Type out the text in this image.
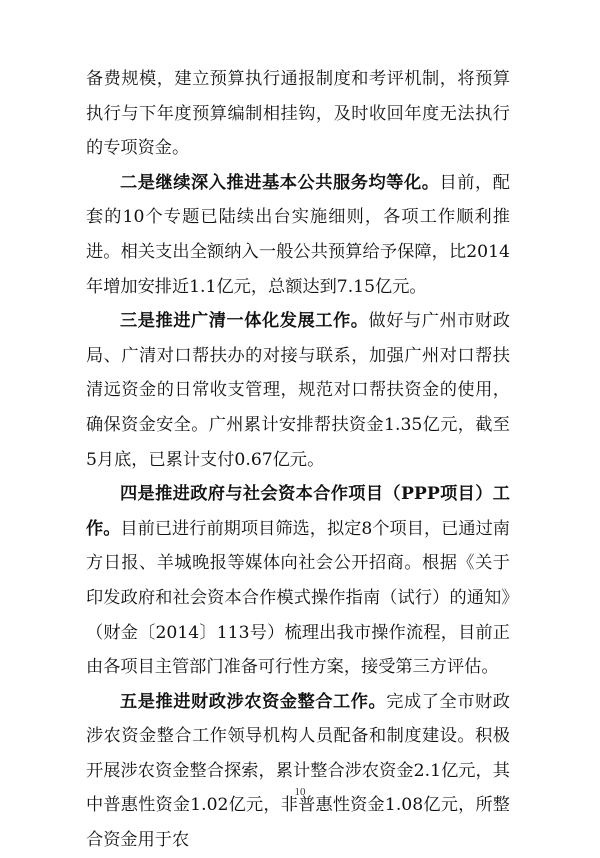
备费规模，建立预算执行通报制度和考评机制，将预算执行与下年度预算编制相挂钩，及时收回年度无法执行的专项资金。

二是继续深入推进基本公共服务均等化。目前，配套的10个专题已陆续出台实施细则，各项工作顺利推进。相关支出全额纳入一般公共预算给予保障，比2014年增加安排近1.1亿元，总额达到7.15亿元。

三是推进广清一体化发展工作。做好与广州市财政局、广清对口帮扶办的对接与联系，加强广州对口帮扶清远资金的日常收支管理，规范对口帮扶资金的使用，确保资金安全。广州累计安排帮扶资金1.35亿元，截至5月底，已累计支付0.67亿元。

四是推进政府与社会资本合作项目（PPP项目）工作。目前已进行前期项目筛选，拟定8个项目，已通过南方日报、羊城晚报等媒体向社会公开招商。根据《关于印发政府和社会资本合作模式操作指南（试行）的通知》（财金〔2014〕113号）梳理出我市操作流程，目前正由各项目主管部门准备可行性方案，接受第三方评估。

五是推进财政涉农资金整合工作。完成了全市财政涉农资金整合工作领导机构人员配备和制度建设。积极开展涉农资金整合探索，累计整合涉农资金2.1亿元，其中普惠性资金1.02亿元，非普惠性资金1.08亿元，所整合资金用于农

10
